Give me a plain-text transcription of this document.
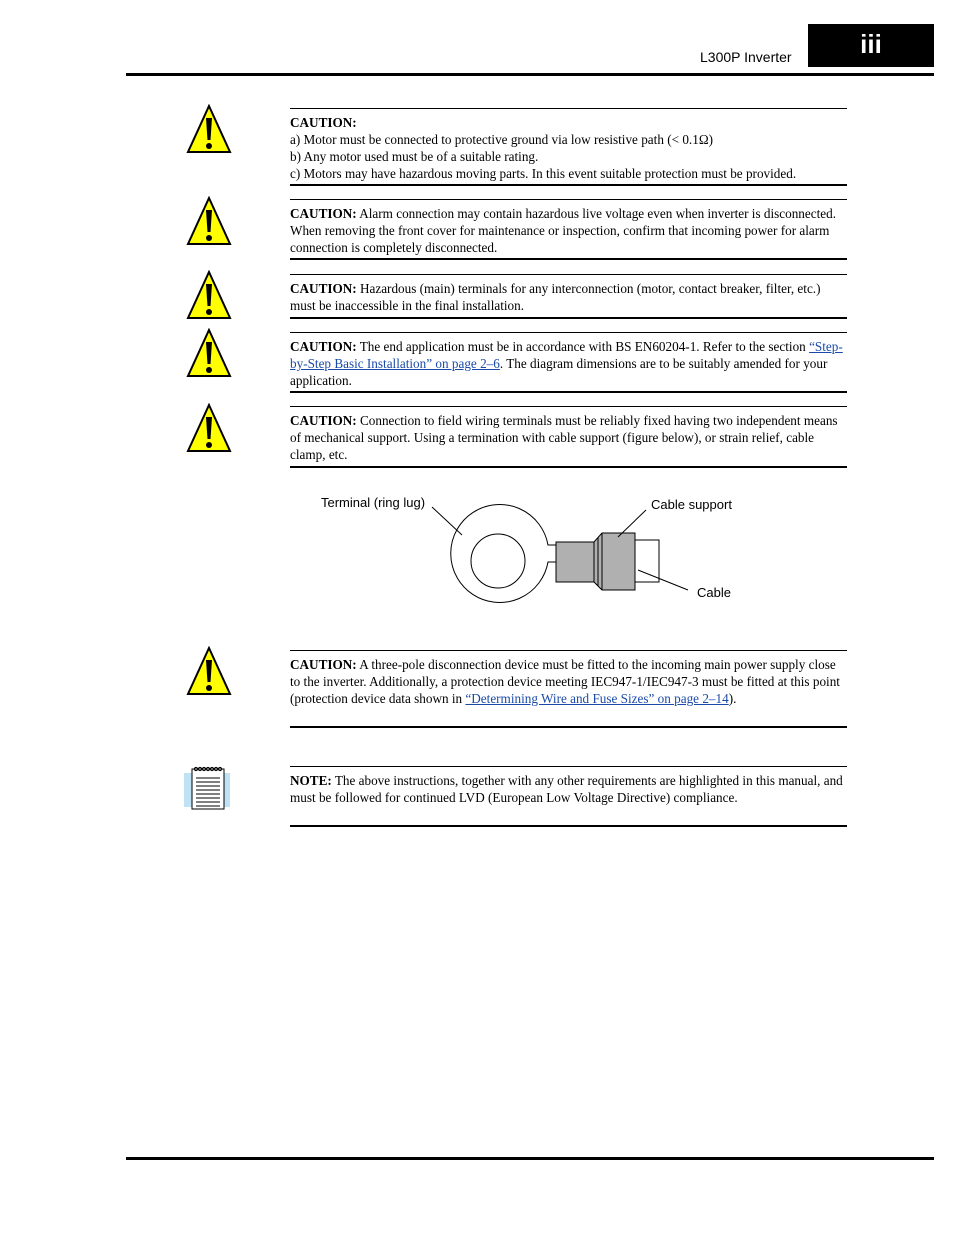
L300P Inverter	iii

CAUTION:

a) Motor must be connected to protective ground via low resistive path (< 0.1Ω)

b) Any motor used must be of a suitable rating.

c) Motors may have hazardous moving parts. In this event suitable protection must be provided.

CAUTION: Alarm connection may contain hazardous live voltage even when inverter is disconnected. When removing the front cover for maintenance or inspection, confirm that incoming power for alarm connection is completely disconnected.

CAUTION: Hazardous (main) terminals for any interconnection (motor, contact breaker, filter, etc.) must be inaccessible in the final installation.

CAUTION: The end application must be in accordance with BS EN60204-1. Refer to the section “Step-by-Step Basic Installation” on page 2–6. The diagram dimensions are to be suitably amended for your application.

CAUTION: Connection to field wiring terminals must be reliably fixed having two independent means of mechanical support. Using a termination with cable support (figure below), or strain relief, cable clamp, etc.

Terminal (ring lug)	Cable support
Cable

CAUTION: A three-pole disconnection device must be fitted to the incoming main power supply close to the inverter. Additionally, a protection device meeting IEC947-1/IEC947-3 must be fitted at this point (protection device data shown in “Determining Wire and Fuse Sizes” on page 2–14).

NOTE: The above instructions, together with any other requirements are highlighted in this manual, and must be followed for continued LVD (European Low Voltage Directive) compliance.
